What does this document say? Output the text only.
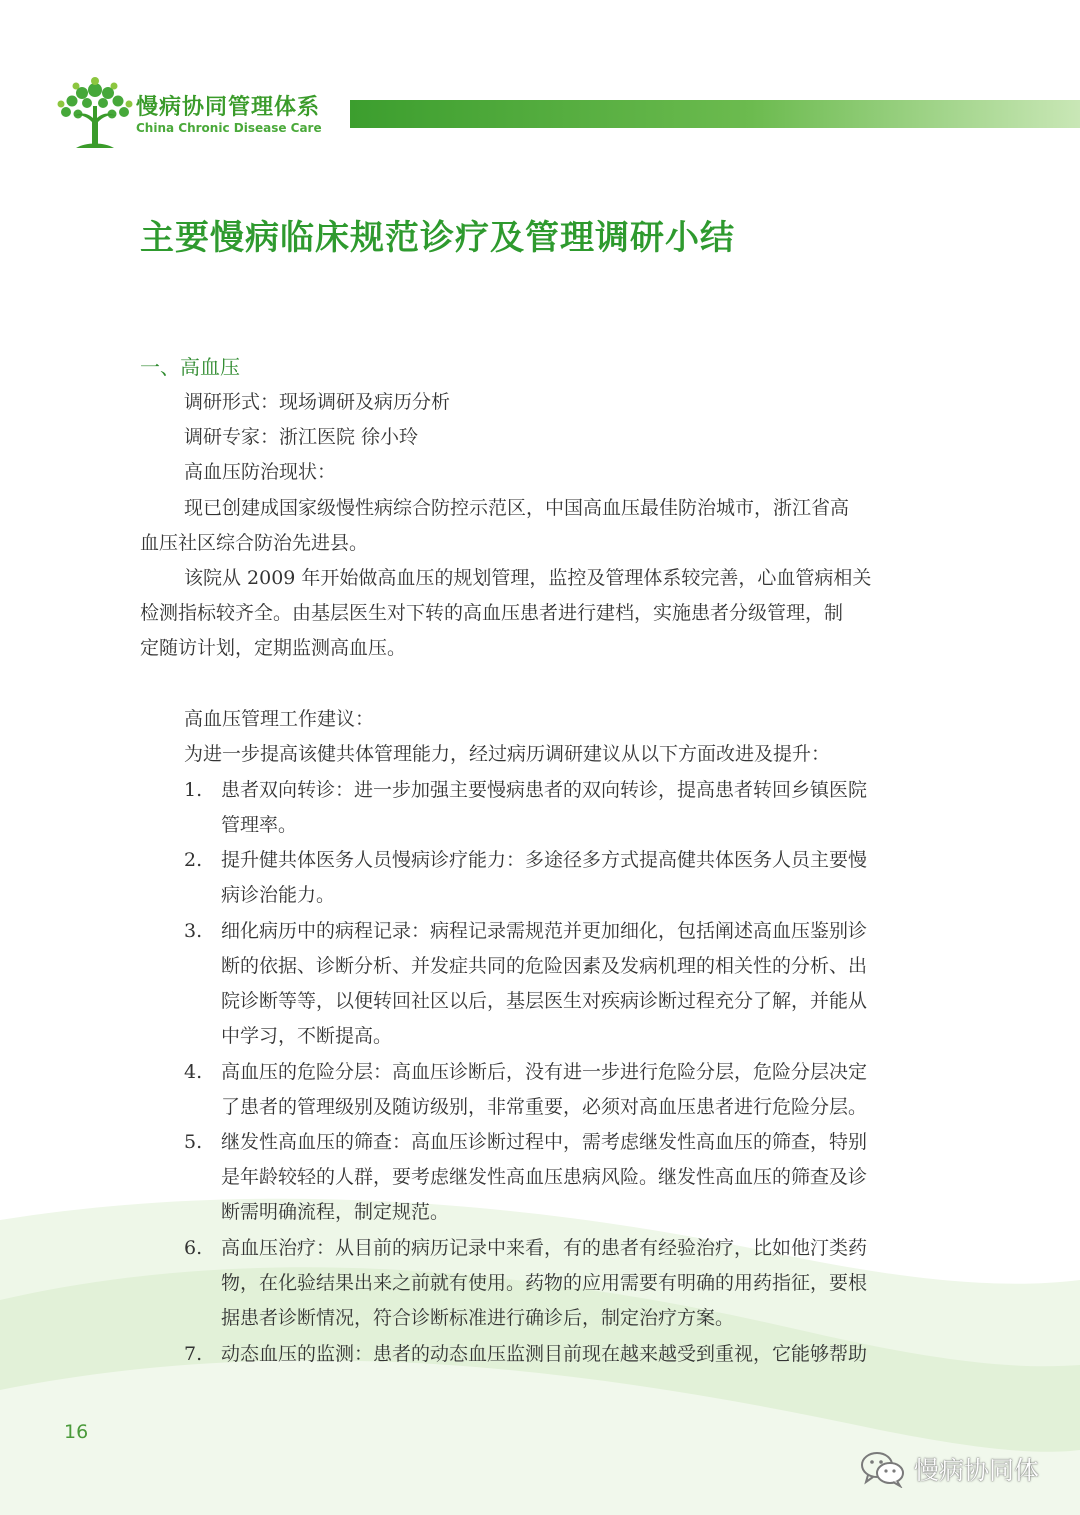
慢病协同管理体系
China Chronic Disease Care
主要慢病临床规范诊疗及管理调研小结
一、高血压
调研形式：现场调研及病历分析
调研专家：浙江医院 徐小玲
高血压防治现状：
现已创建成国家级慢性病综合防控示范区，中国高血压最佳防治城市，浙江省高
血压社区综合防治先进县。
该院从 2009 年开始做高血压的规划管理，监控及管理体系较完善，心血管病相关
检测指标较齐全。由基层医生对下转的高血压患者进行建档，实施患者分级管理，制
定随访计划，定期监测高血压。
高血压管理工作建议：
为进一步提高该健共体管理能力，经过病历调研建议从以下方面改进及提升：
1. 患者双向转诊：进一步加强主要慢病患者的双向转诊，提高患者转回乡镇医院
管理率。
2. 提升健共体医务人员慢病诊疗能力：多途径多方式提高健共体医务人员主要慢
病诊治能力。
3. 细化病历中的病程记录：病程记录需规范并更加细化，包括阐述高血压鉴别诊
断的依据、诊断分析、并发症共同的危险因素及发病机理的相关性的分析、出
院诊断等等，以便转回社区以后，基层医生对疾病诊断过程充分了解，并能从
中学习，不断提高。
4. 高血压的危险分层：高血压诊断后，没有进一步进行危险分层，危险分层决定
了患者的管理级别及随访级别，非常重要，必须对高血压患者进行危险分层。
5. 继发性高血压的筛查：高血压诊断过程中，需考虑继发性高血压的筛查，特别
是年龄较轻的人群，要考虑继发性高血压患病风险。继发性高血压的筛查及诊
断需明确流程，制定规范。
6. 高血压治疗：从目前的病历记录中来看，有的患者有经验治疗，比如他汀类药
物，在化验结果出来之前就有使用。药物的应用需要有明确的用药指征，要根
据患者诊断情况，符合诊断标准进行确诊后，制定治疗方案。
7. 动态血压的监测：患者的动态血压监测目前现在越来越受到重视，它能够帮助
16
慢病协同体
